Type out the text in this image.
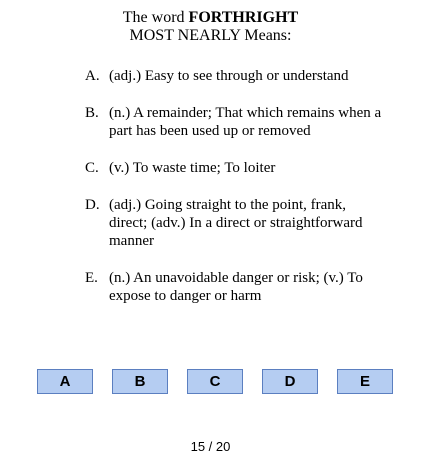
The word FORTHRIGHT
MOST NEARLY Means:
A. (adj.) Easy to see through or understand
B. (n.) A remainder; That which remains when a part has been used up or removed
C. (v.) To waste time; To loiter
D. (adj.) Going straight to the point, frank, direct; (adv.) In a direct or straightforward manner
E. (n.) An unavoidable danger or risk; (v.) To expose to danger or harm
A	B	C	D	E
15 / 20
